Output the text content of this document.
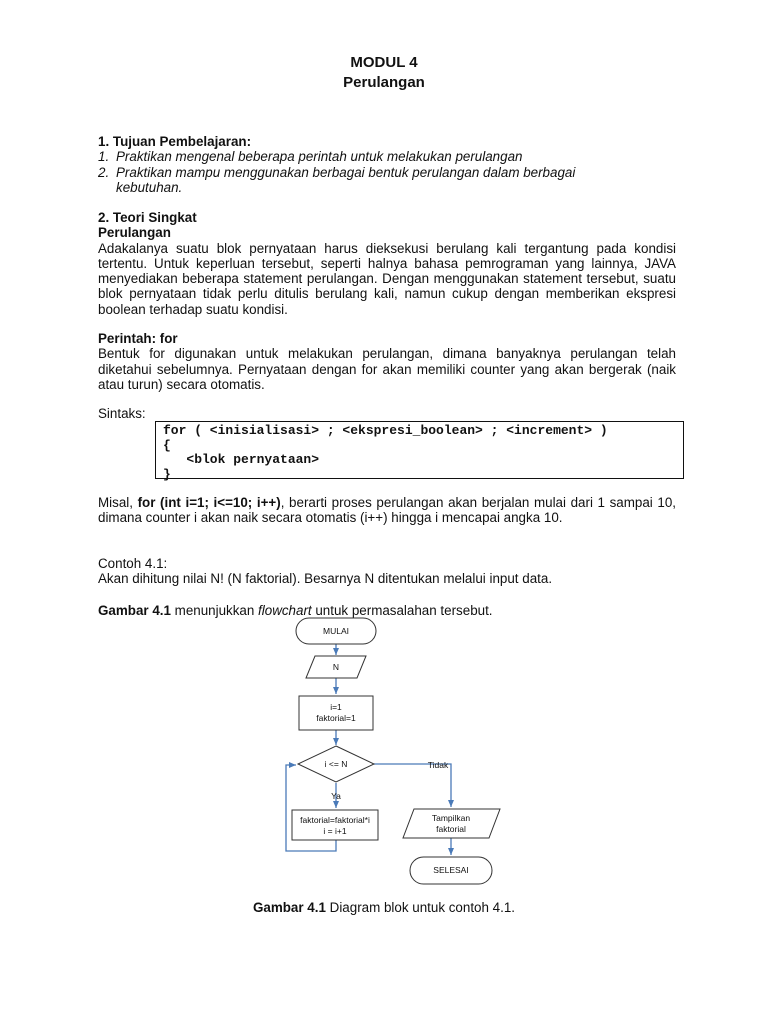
MODUL 4
Perulangan
1. Tujuan Pembelajaran:
1. Praktikan mengenal beberapa perintah untuk melakukan perulangan
2. Praktikan mampu menggunakan berbagai bentuk perulangan dalam berbagai kebutuhan.
2. Teori Singkat
Perulangan
Adakalanya suatu blok pernyataan harus dieksekusi berulang kali tergantung pada kondisi tertentu. Untuk keperluan tersebut, seperti halnya bahasa pemrograman yang lainnya, JAVA menyediakan beberapa statement perulangan. Dengan menggunakan statement tersebut, suatu blok pernyataan tidak perlu ditulis berulang kali, namun cukup dengan memberikan ekspresi boolean terhadap suatu kondisi.
Perintah: for
Bentuk for digunakan untuk melakukan perulangan, dimana banyaknya perulangan telah diketahui sebelumnya. Pernyataan dengan for akan memiliki counter yang akan bergerak (naik atau turun) secara otomatis.
Sintaks:
for ( <inisialisasi> ; <ekspresi_boolean> ; <increment> )
{
<blok pernyataan>
}
Misal, for (int i=1; i<=10; i++), berarti proses perulangan akan berjalan mulai dari 1 sampai 10, dimana counter i akan naik secara otomatis (i++) hingga i mencapai angka 10.
Contoh 4.1:
Akan dihitung nilai N! (N faktorial). Besarnya N ditentukan melalui input data.
Gambar 4.1 menunjukkan flowchart untuk permasalahan tersebut.
MULAI
N
i=1
faktorial=1
i <= N	Tidak
Ya
faktorial=faktorial*i
i = i+1
Tampilkan
faktorial
SELESAI
Gambar 4.1 Diagram blok untuk contoh 4.1.
